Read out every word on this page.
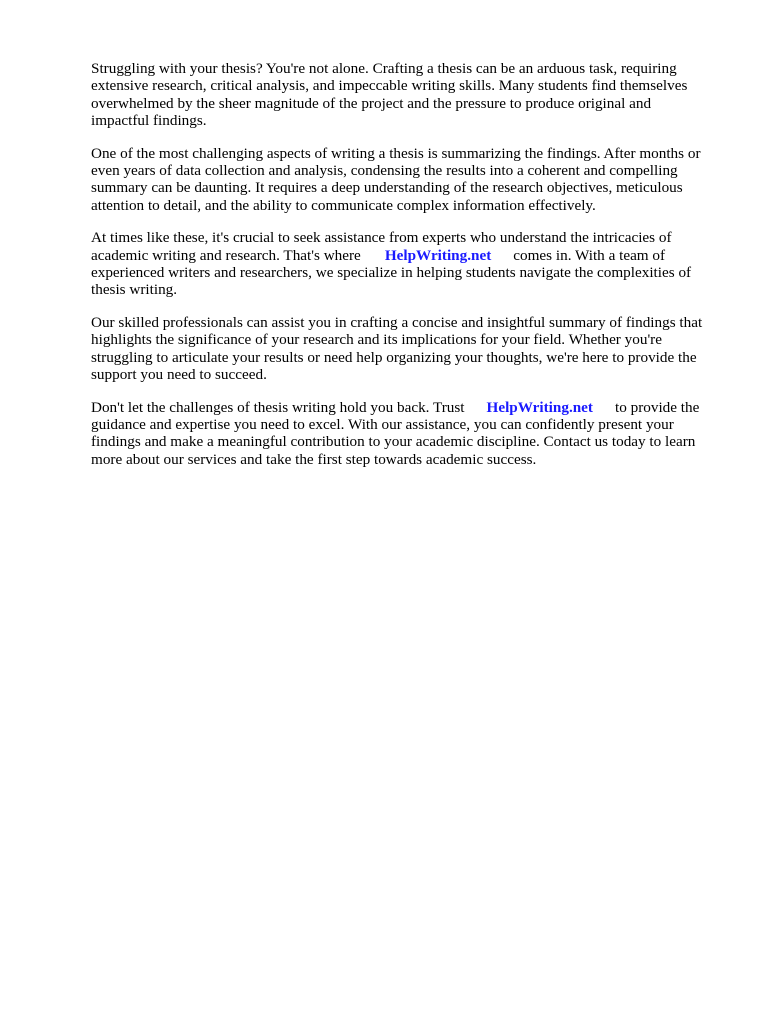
Struggling with your thesis? You're not alone. Crafting a thesis can be an arduous task, requiring
extensive research, critical analysis, and impeccable writing skills. Many students find themselves
overwhelmed by the sheer magnitude of the project and the pressure to produce original and
impactful findings.

One of the most challenging aspects of writing a thesis is summarizing the findings. After months or
even years of data collection and analysis, condensing the results into a coherent and compelling
summary can be daunting. It requires a deep understanding of the research objectives, meticulous
attention to detail, and the ability to communicate complex information effectively.

At times like these, it's crucial to seek assistance from experts who understand the intricacies of
academic writing and research. That's where HelpWriting.net comes in. With a team of
experienced writers and researchers, we specialize in helping students navigate the complexities of
thesis writing.

Our skilled professionals can assist you in crafting a concise and insightful summary of findings that
highlights the significance of your research and its implications for your field. Whether you're
struggling to articulate your results or need help organizing your thoughts, we're here to provide the
support you need to succeed.

Don't let the challenges of thesis writing hold you back. Trust HelpWriting.net to provide the
guidance and expertise you need to excel. With our assistance, you can confidently present your
findings and make a meaningful contribution to your academic discipline. Contact us today to learn
more about our services and take the first step towards academic success.
